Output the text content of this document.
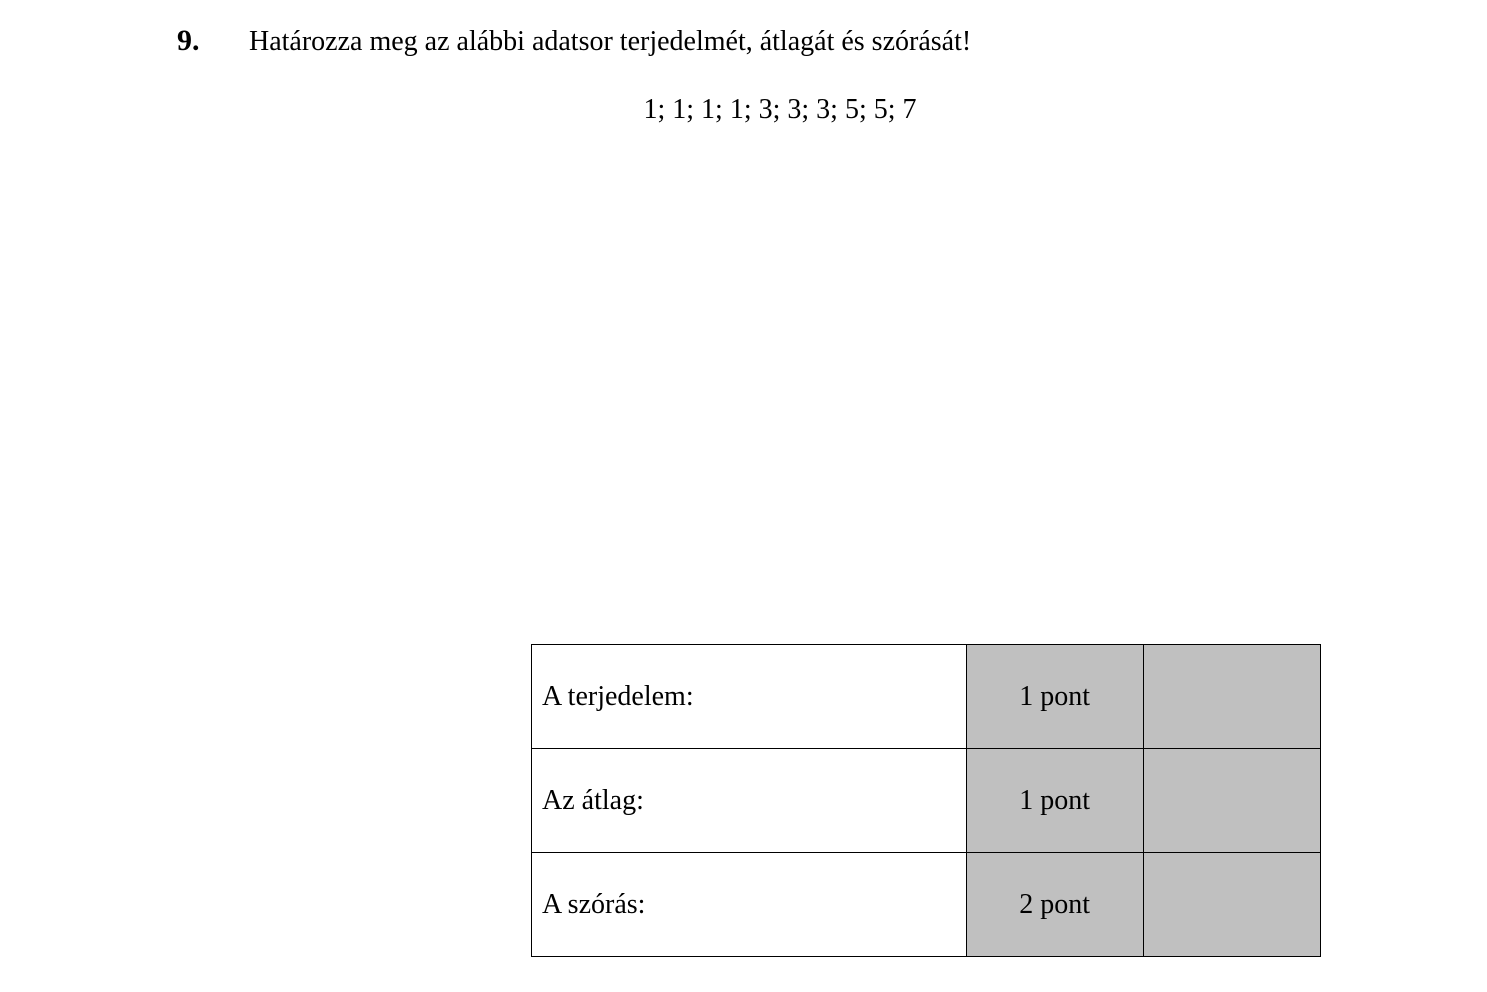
9. Határozza meg az alábbi adatsor terjedelmét, átlagát és szórását!
1; 1; 1; 1; 3; 3; 3; 5; 5; 7
A terjedelem:	1 pont	
Az átlag:	1 pont	
A szórás:	2 pont	
